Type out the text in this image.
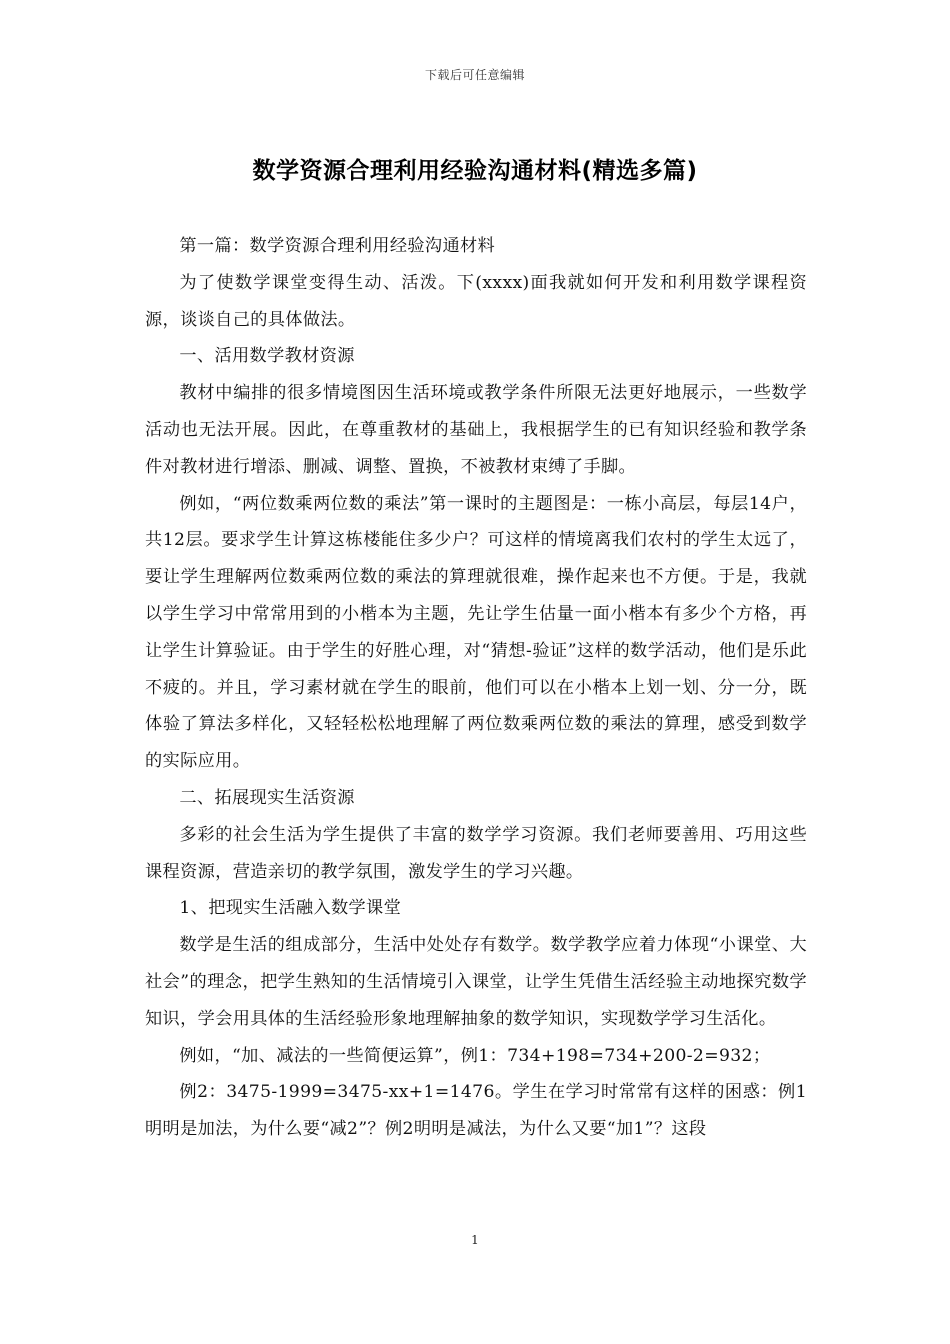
下载后可任意编辑
数学资源合理利用经验沟通材料(精选多篇)

第一篇：数学资源合理利用经验沟通材料

为了使数学课堂变得生动、活泼。下(xxxx)面我就如何开发和利用数学课程资源，谈谈自己的具体做法。

一、活用数学教材资源

教材中编排的很多情境图因生活环境或教学条件所限无法更好地展示，一些数学活动也无法开展。因此，在尊重教材的基础上，我根据学生的已有知识经验和教学条件对教材进行增添、删减、调整、置换，不被教材束缚了手脚。

例如，“两位数乘两位数的乘法”第一课时的主题图是：一栋小高层，每层14户，共12层。要求学生计算这栋楼能住多少户？可这样的情境离我们农村的学生太远了，要让学生理解两位数乘两位数的乘法的算理就很难，操作起来也不方便。于是，我就以学生学习中常常用到的小楷本为主题，先让学生估量一面小楷本有多少个方格，再让学生计算验证。由于学生的好胜心理，对“猜想-验证”这样的数学活动，他们是乐此不疲的。并且，学习素材就在学生的眼前，他们可以在小楷本上划一划、分一分，既体验了算法多样化，又轻轻松松地理解了两位数乘两位数的乘法的算理，感受到数学的实际应用。

二、拓展现实生活资源

多彩的社会生活为学生提供了丰富的数学学习资源。我们老师要善用、巧用这些课程资源，营造亲切的教学氛围，激发学生的学习兴趣。

1、把现实生活融入数学课堂

数学是生活的组成部分，生活中处处存有数学。数学教学应着力体现“小课堂、大社会”的理念，把学生熟知的生活情境引入课堂，让学生凭借生活经验主动地探究数学知识，学会用具体的生活经验形象地理解抽象的数学知识，实现数学学习生活化。

例如，“加、减法的一些简便运算”，例1：734+198=734+200-2=932；

例2：3475-1999=3475-xx+1=1476。学生在学习时常常有这样的困惑：例1明明是加法，为什么要“减2”？例2明明是减法，为什么又要“加1”？这段

1
